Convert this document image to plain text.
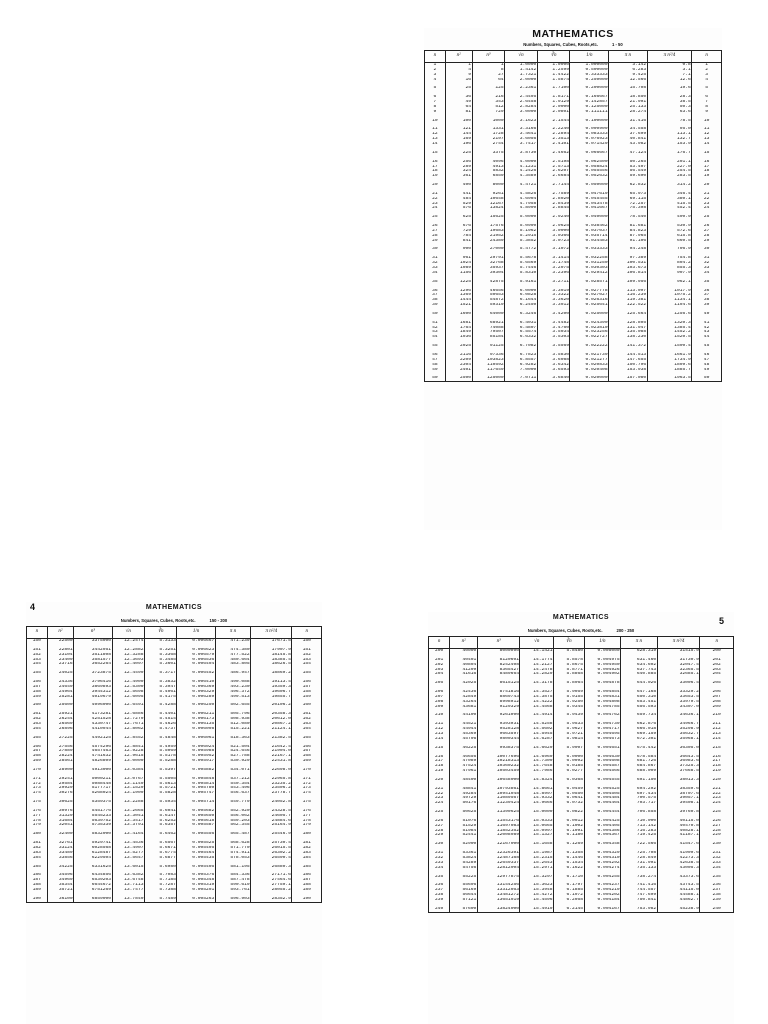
MATHEMATICS
Numbers, Squares, Cubes, Roots,etc.	1 - 50
n	n²	n³	√n	∛n	1/n	π n	π n²/4	n
1	1	1	1.0000	1.0000	1.000000	3.142	0.8	1
2	4	8	1.4142	1.2599	0.500000	6.283	3.1	2
3	9	27	1.7321	1.4422	0.333333	9.425	7.1	3
4	16	64	2.0000	1.5874	0.250000	12.566	12.6	4
5	25	125	2.2361	1.7100	0.200000	15.708	19.6	5
6	36	216	2.4495	1.8171	0.166667	18.850	28.3	6
7	49	343	2.6458	1.9129	0.142857	21.991	38.5	7
8	64	512	2.8284	2.0000	0.125000	25.133	50.3	8
9	81	729	3.0000	2.0801	0.111111	28.274	63.6	9
10	100	1000	3.1623	2.1544	0.100000	31.416	78.5	10
11	121	1331	3.3166	2.2240	0.090909	34.558	95.0	11
12	144	1728	3.4641	2.2894	0.083333	37.699	113.1	12
13	169	2197	3.6056	2.3513	0.076923	40.841	132.7	13
14	196	2744	3.7417	2.4101	0.071429	43.982	153.9	14
15	225	3375	3.8730	2.4662	0.066667	47.124	176.7	15
16	256	4096	4.0000	2.5198	0.062500	50.265	201.1	16
17	289	4913	4.1231	2.5713	0.058824	53.407	227.0	17
18	324	5832	4.2426	2.6207	0.055556	56.549	254.5	18
19	361	6859	4.3589	2.6684	0.052632	59.690	283.5	19
20	400	8000	4.4721	2.7144	0.050000	62.832	314.2	20
21	441	9261	4.5826	2.7589	0.047619	65.973	346.4	21
22	484	10648	4.6904	2.8020	0.045455	69.115	380.1	22
23	529	12167	4.7958	2.8439	0.043478	72.257	415.5	23
24	576	13824	4.8990	2.8845	0.041667	75.398	452.4	24
25	625	15625	5.0000	2.9240	0.040000	78.540	490.9	25
26	676	17576	5.0990	2.9625	0.038462	81.681	530.9	26
27	729	19683	5.1962	3.0000	0.037037	84.823	572.6	27
28	784	21952	5.2915	3.0366	0.035714	87.965	615.8	28
29	841	24389	5.3852	3.0723	0.034483	91.106	660.5	29
30	900	27000	5.4772	3.1072	0.033333	94.248	706.9	30
31	961	29791	5.5678	3.1414	0.032258	97.389	754.8	31
32	1024	32768	5.6569	3.1748	0.031250	100.531	804.2	32
33	1089	35937	5.7446	3.2075	0.030303	103.673	855.3	33
34	1156	39304	5.8310	3.2396	0.029412	106.814	907.9	34
35	1225	42875	5.9161	3.2711	0.028571	109.956	962.1	35
36	1296	46656	6.0000	3.3019	0.027778	113.097	1017.9	36
37	1369	50653	6.0828	3.3322	0.027027	116.239	1075.2	37
38	1444	54872	6.1644	3.3620	0.026316	119.381	1134.1	38
39	1521	59319	6.2450	3.3912	0.025641	122.522	1194.6	39
40	1600	64000	6.3246	3.4200	0.025000	125.664	1256.6	40
41	1681	68921	6.4031	3.4482	0.024390	128.805	1320.3	41
42	1764	74088	6.4807	3.4760	0.023810	131.947	1385.4	42
43	1849	79507	6.5574	3.5034	0.023256	135.088	1452.2	43
44	1936	85184	6.6332	3.5303	0.022727	138.230	1520.5	44
45	2025	91125	6.7082	3.5569	0.022222	141.372	1590.4	45
46	2116	97336	6.7823	3.5830	0.021739	144.513	1661.9	46
47	2209	103823	6.8557	3.6088	0.021277	147.655	1734.9	47
48	2304	110592	6.9282	3.6342	0.020833	150.796	1809.6	48
49	2401	117649	7.0000	3.6593	0.020408	153.938	1885.7	49
50	2500	125000	7.0711	3.6840	0.020000	157.080	1963.5	50
4	MATHEMATICS
Numbers, Squares, Cubes, Roots,etc.	150 - 200
n	n²	n³	√n	∛n	1/n	π n	π n²/4	n
150	22500	3375000	12.2474	5.3133	0.006667	471.239	17671.5	150
151	22801	3442951	12.2882	5.3251	0.006623	474.380	17907.9	151
152	23104	3511808	12.3288	5.3368	0.006579	477.522	18145.8	152
153	23409	3581577	12.3693	5.3485	0.006536	480.664	18385.4	153
154	23716	3652264	12.4097	5.3601	0.006494	483.805	18626.5	154
155	24025	3723875	12.4499	5.3717	0.006452	486.947	18869.2	155
156	24336	3796416	12.4900	5.3832	0.006410	490.088	19113.4	156
157	24649	3869893	12.5300	5.3947	0.006369	493.230	19359.3	157
158	24964	3944312	12.5698	5.4061	0.006329	496.372	19606.7	158
159	25281	4019679	12.6095	5.4175	0.006289	499.513	19855.7	159
160	25600	4096000	12.6491	5.4288	0.006250	502.655	20106.2	160
161	25921	4173281	12.6886	5.4401	0.006211	505.796	20358.3	161
162	26244	4251528	12.7279	5.4514	0.006173	508.938	20612.0	162
163	26569	4330747	12.7671	5.4626	0.006135	512.080	20867.2	163
164	26896	4410944	12.8062	5.4737	0.006098	515.221	21124.1	164
165	27225	4492125	12.8452	5.4848	0.006061	518.363	21382.5	165
166	27556	4574296	12.8841	5.4959	0.006024	521.504	21642.4	166
167	27889	4657463	12.9228	5.5069	0.005988	524.646	21904.0	167
168	28224	4741632	12.9615	5.5178	0.005952	527.788	22167.1	168
169	28561	4826809	13.0000	5.5288	0.005917	530.929	22431.8	169
170	28900	4913000	13.0384	5.5397	0.005882	534.071	22698.0	170
171	29241	5000211	13.0767	5.5505	0.005848	537.212	22965.8	171
172	29584	5088448	13.1149	5.5613	0.005814	540.354	23235.2	172
173	29929	5177717	13.1529	5.5721	0.005780	543.496	23506.2	173
174	30276	5268024	13.1909	5.5828	0.005747	546.637	23778.7	174
175	30625	5359375	13.2288	5.5934	0.005714	549.779	24052.8	175
176	30976	5451776	13.2665	5.6041	0.005682	552.920	24328.5	176
177	31329	5545233	13.3041	5.6147	0.005650	556.062	24605.7	177
178	31684	5639752	13.3417	5.6252	0.005618	559.203	24884.6	178
179	32041	5735339	13.3791	5.6357	0.005587	562.345	25164.9	179
180	32400	5832000	13.4164	5.6462	0.005556	565.487	25446.9	180
181	32761	5929741	13.4536	5.6567	0.005525	568.628	25730.4	181
182	33124	6028568	13.4907	5.6671	0.005495	571.770	26015.5	182
183	33489	6128487	13.5277	5.6774	0.005464	574.911	26302.2	183
184	33856	6229504	13.5647	5.6877	0.005435	578.053	26590.4	184
185	34225	6331625	13.6015	5.6980	0.005405	581.195	26880.3	185
186	34596	6434856	13.6382	5.7083	0.005376	584.336	27171.6	186
187	34969	6539203	13.6748	5.7185	0.005348	587.478	27464.6	187
188	35344	6644672	13.7113	5.7287	0.005319	590.619	27759.1	188
189	35721	6751269	13.7477	5.7388	0.005291	593.761	28055.2	189
190	36100	6859000	13.7840	5.7489	0.005263	596.903	28352.9	190
MATHEMATICS	5
Numbers, Squares, Cubes, Roots,etc.	200 - 250
n	n²	n³	√n	∛n	1/n	π n	π n²/4	n
200	40000	8000000	14.1421	5.8480	0.005000	628.319	31415.9	200
201	40401	8120601	14.1774	5.8578	0.004975	631.460	31730.9	201
202	40804	8242408	14.2127	5.8675	0.004950	634.602	32047.4	202
203	41209	8365427	14.2478	5.8771	0.004926	637.743	32365.5	203
204	41616	8489664	14.2829	5.8868	0.004902	640.885	32685.1	204
205	42025	8615125	14.3178	5.8964	0.004878	644.026	33006.4	205
206	42436	8741816	14.3527	5.9059	0.004854	647.168	33329.2	206
207	42849	8869743	14.3875	5.9155	0.004831	650.310	33653.5	207
208	43264	8998912	14.4222	5.9250	0.004808	653.451	33979.5	208
209	43681	9129329	14.4568	5.9345	0.004785	656.593	34307.0	209
210	44100	9261000	14.4914	5.9439	0.004762	659.734	34636.1	210
211	44521	9393931	14.5258	5.9533	0.004739	662.876	34966.7	211
212	44944	9528128	14.5602	5.9627	0.004717	666.018	35298.9	212
213	45369	9663597	14.5945	5.9721	0.004695	669.159	35632.7	213
214	45796	9800344	14.6287	5.9814	0.004673	672.301	35968.1	214
215	46225	9938375	14.6629	5.9907	0.004651	675.442	36305.0	215
216	46656	10077696	14.6969	6.0000	0.004630	678.584	36643.5	216
217	47089	10218313	14.7309	6.0092	0.004608	681.726	36983.6	217
218	47524	10360232	14.7648	6.0185	0.004587	684.867	37325.3	218
219	47961	10503459	14.7986	6.0277	0.004566	688.009	37668.5	219
220	48400	10648000	14.8324	6.0368	0.004545	691.150	38013.3	220
221	48841	10793861	14.8661	6.0459	0.004525	694.292	38359.6	221
222	49284	10941048	14.8997	6.0550	0.004505	697.434	38707.6	222
223	49729	11089567	14.9332	6.0641	0.004484	700.575	39057.1	223
224	50176	11239424	14.9666	6.0732	0.004464	703.717	39408.1	224
225	50625	11390625	15.0000	6.0822	0.004444	706.858	39760.8	225
226	51076	11543176	15.0333	6.0912	0.004425	710.000	40115.0	226
227	51529	11697083	15.0665	6.1002	0.004405	713.142	40470.8	227
228	51984	11852352	15.0997	6.1091	0.004386	716.283	40828.1	228
229	52441	12008989	15.1327	6.1180	0.004367	719.425	41187.1	229
230	52900	12167000	15.1658	6.1269	0.004348	722.566	41547.6	230
231	53361	12326391	15.1987	6.1358	0.004329	725.708	41909.6	231
232	53824	12487168	15.2315	6.1446	0.004310	728.849	42273.3	232
233	54289	12649337	15.2643	6.1534	0.004292	731.991	42638.5	233
234	54756	12812904	15.2971	6.1622	0.004274	735.133	43005.3	234
235	55225	12977875	15.3297	6.1710	0.004255	738.274	43373.6	235
236	55696	13144256	15.3623	6.1797	0.004237	741.416	43743.5	236
237	56169	13312053	15.3948	6.1885	0.004219	744.557	44115.0	237
238	56644	13481272	15.4272	6.1972	0.004202	747.699	44488.1	238
239	57121	13651919	15.4596	6.2058	0.004184	750.841	44862.7	239
240	57600	13824000	15.4919	6.2145	0.004167	753.982	45238.9	240
